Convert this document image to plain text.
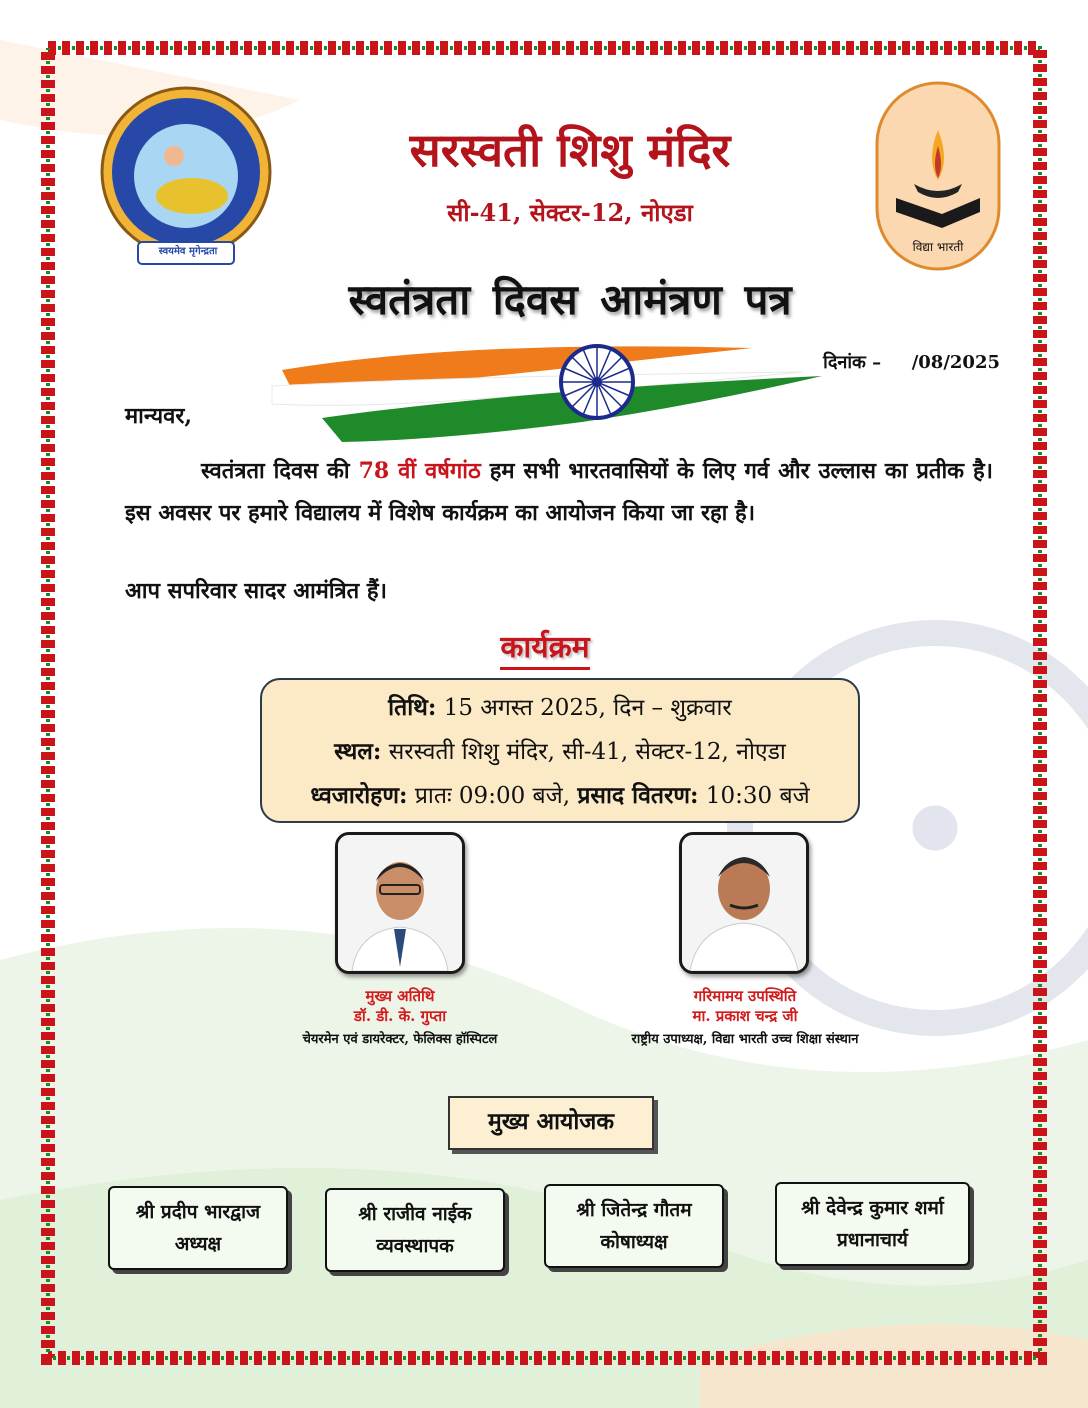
स्वयमेव मृगेन्द्रता	विद्या भारती
सरस्वती शिशु मंदिर
सी-41, सेक्टर-12, नोएडा
स्वतंत्रता दिवस आमंत्रण पत्र
दिनांक – /08/2025
मान्यवर,
स्वतंत्रता दिवस की 78 वीं वर्षगांठ हम सभी भारतवासियों के लिए गर्व और उल्लास का प्रतीक है। इस अवसर पर हमारे विद्यालय में विशेष कार्यक्रम का आयोजन किया जा रहा है।
आप सपरिवार सादर आमंत्रित हैं।
कार्यक्रम
तिथि: 15 अगस्त 2025, दिन – शुक्रवार
स्थल: सरस्वती शिशु मंदिर, सी-41, सेक्टर-12, नोएडा
ध्वजारोहण: प्रातः 09:00 बजे, प्रसाद वितरण: 10:30 बजे
मुख्य अतिथि
डॉ. डी. के. गुप्ता
चेयरमेन एवं डायरेक्टर, फेलिक्स हॉस्पिटल
गरिमामय उपस्थिति
मा. प्रकाश चन्द्र जी
राष्ट्रीय उपाध्यक्ष, विद्या भारती उच्च शिक्षा संस्थान
मुख्य आयोजक
श्री प्रदीप भारद्वाज
अध्यक्ष
श्री राजीव नाईक
व्यवस्थापक
श्री जितेन्द्र गौतम
कोषाध्यक्ष
श्री देवेन्द्र कुमार शर्मा
प्रधानाचार्य
